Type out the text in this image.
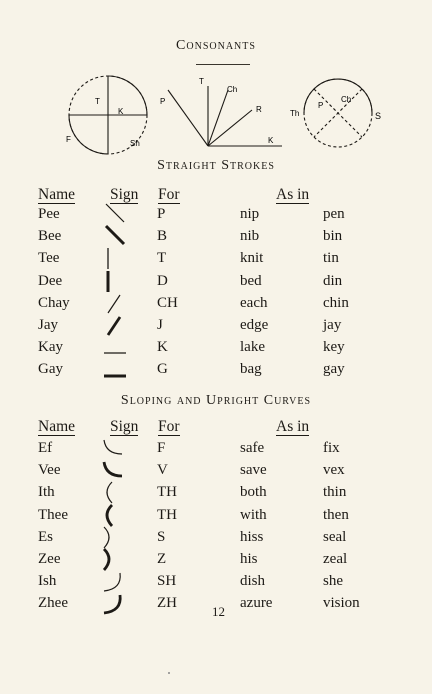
Consonants
T
K
F	Sh
T
Ch
P
R
K
Th
P
Ch
S
Straight Strokes
Name Sign For	As in
Pee	P	nip	pen
Bee	B	nib	bin
Tee	T	knit	tin
Dee	D	bed	din
Chay	CH	each	chin
Jay	J	edge	jay
Kay	K	lake	key
Gay	G	bag	gay
Sloping and Upright Curves
Name Sign For	As in
Ef	F	safe	fix
Vee	V	save	vex
Ith	TH	both	thin
Thee	TH	with	then
Es	S	hiss	seal
Zee	Z	his	zeal
Ish	SH	dish	she
Zhee	ZH	azure	vision
12
